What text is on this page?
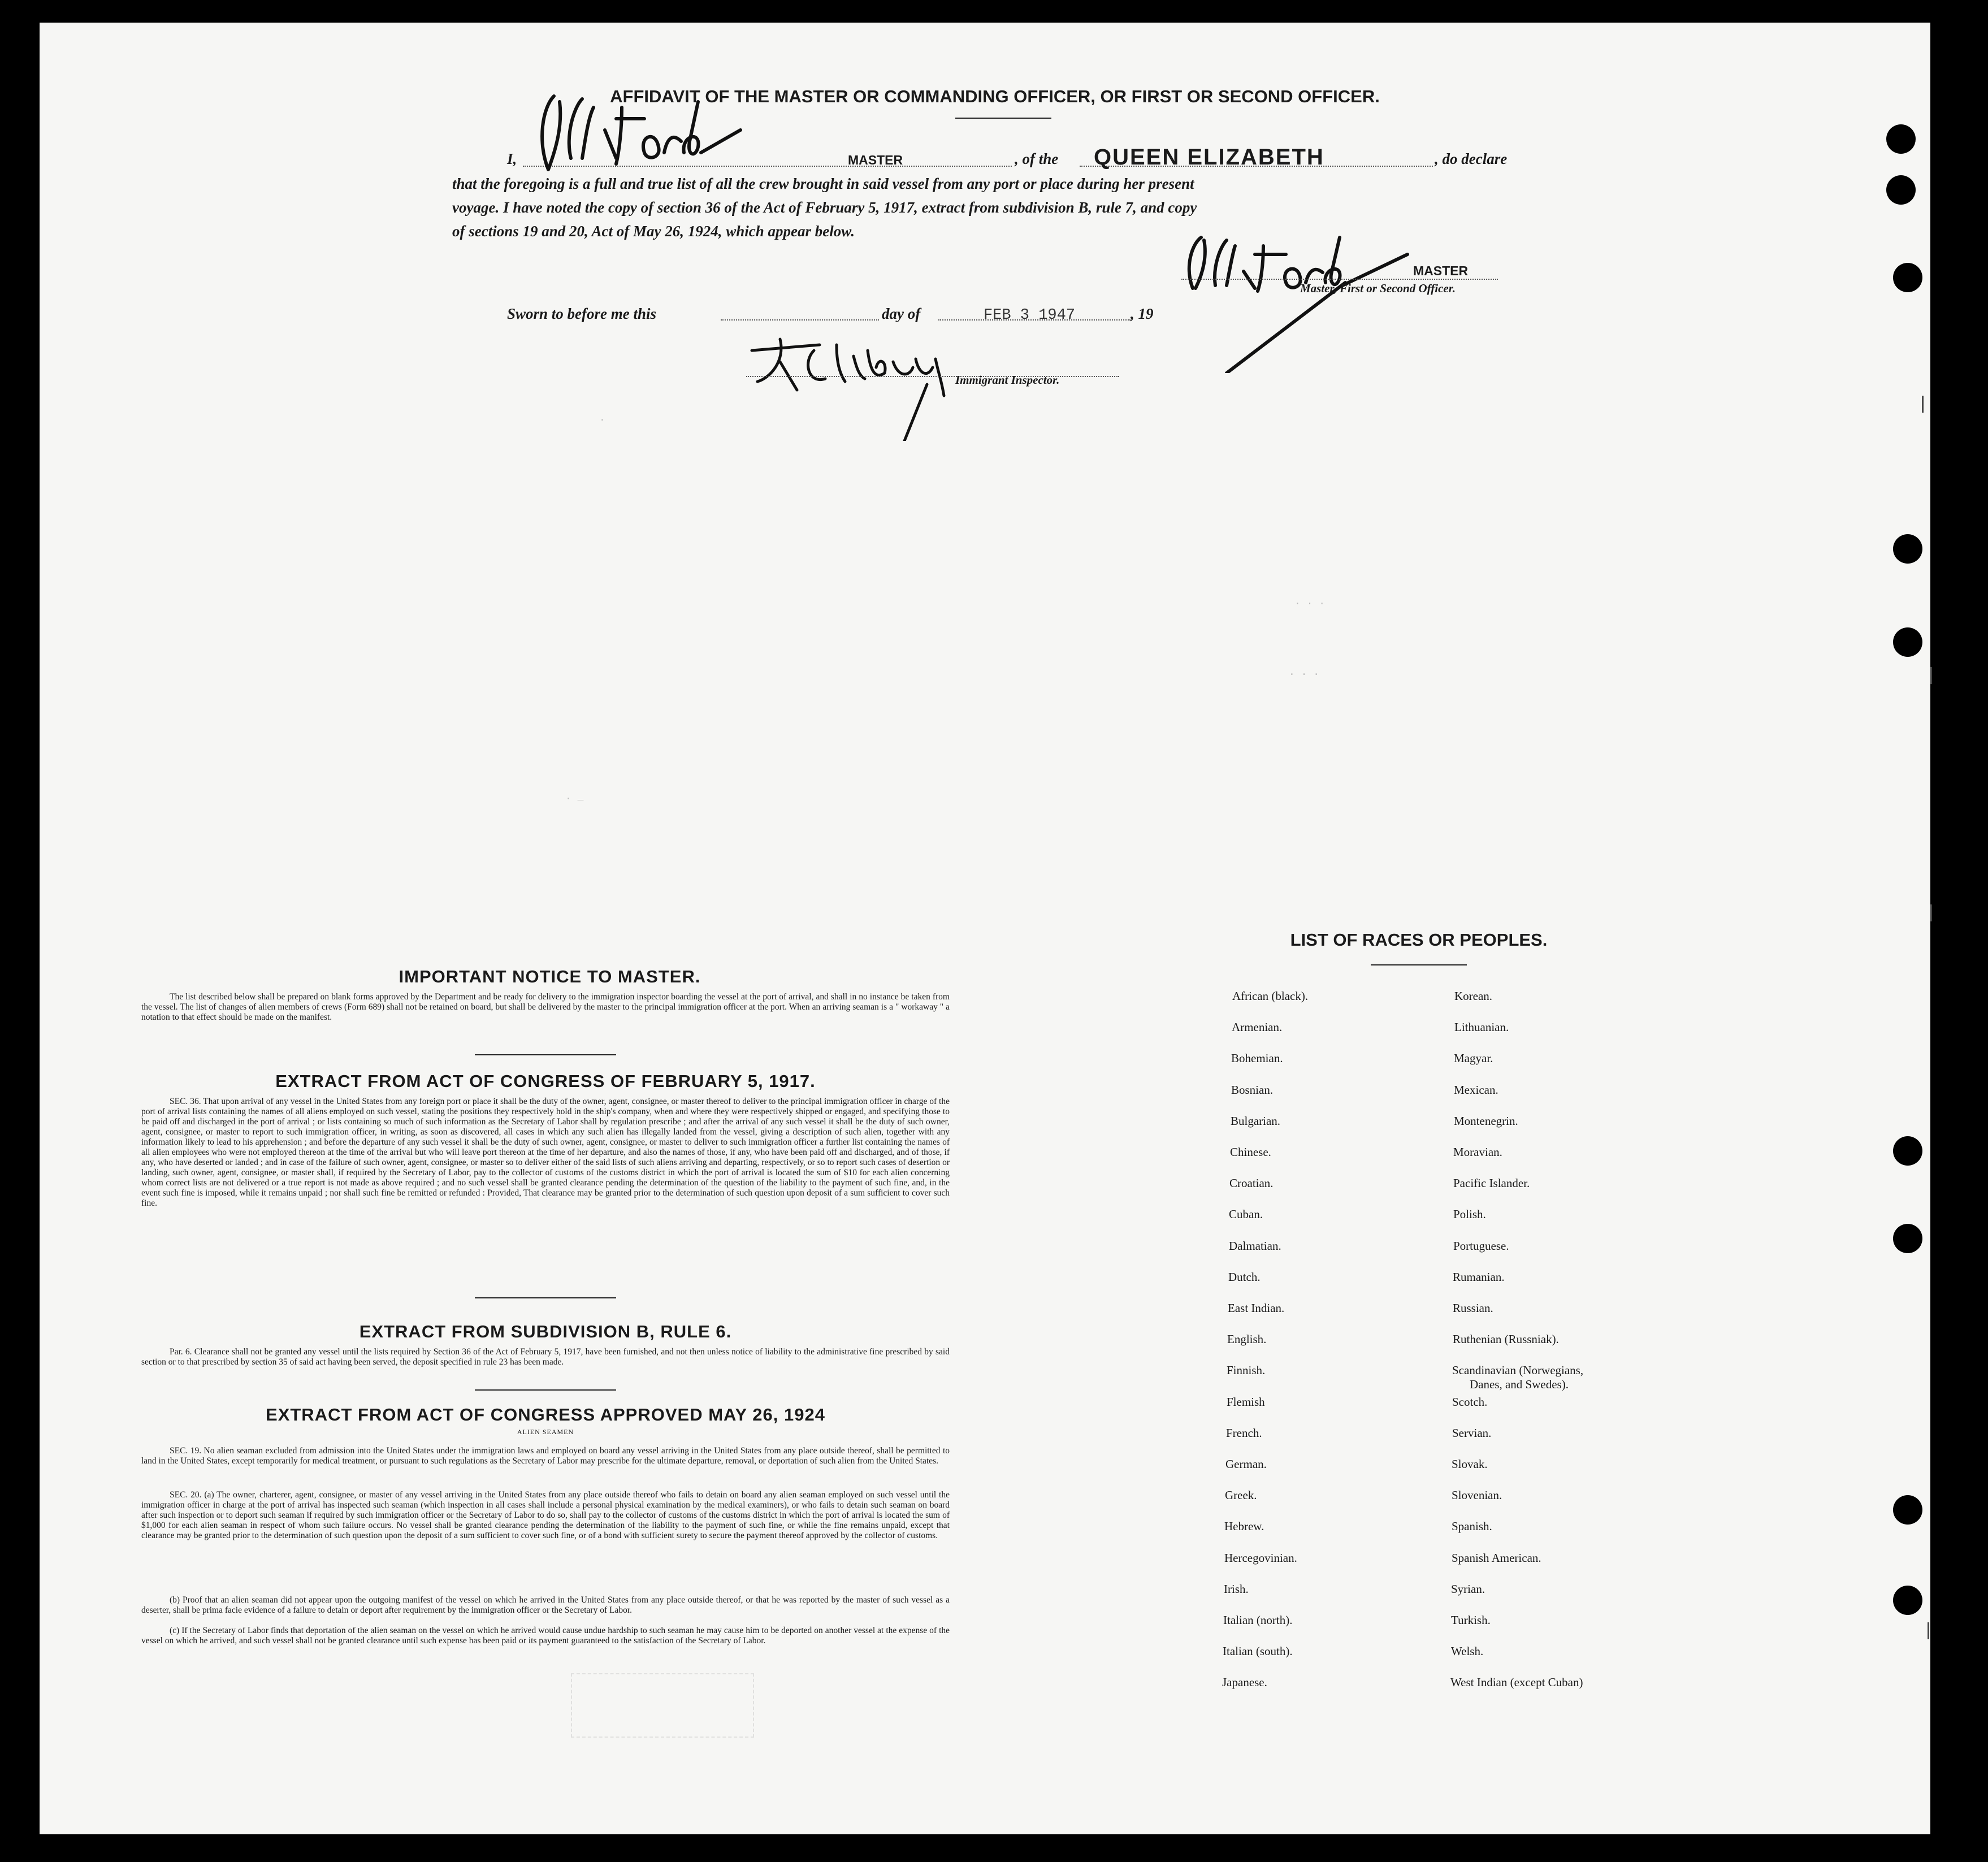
AFFIDAVIT OF THE MASTER OR COMMANDING OFFICER, OR FIRST OR SECOND OFFICER.
I,	MASTER	, of the QUEEN ELIZABETH	, do declare
that the foregoing is a full and true list of all the crew brought in said vessel from any port or place during her present
voyage. I have noted the copy of section 36 of the Act of February 5, 1917, extract from subdivision B, rule 7, and copy
of sections 19 and 20, Act of May 26, 1924, which appear below.
MASTER
Master, First or Second Officer.
Sworn to before me this	day of	FEB 3 1947	, 19
Immigrant Inspector.
.
. . .
. . .
. _
IMPORTANT NOTICE TO MASTER.
The list described below shall be prepared on blank forms approved by the Department and be ready for delivery to the immigration inspector boarding the vessel at the port of arrival, and shall in no instance be taken from the vessel. The list of changes of alien members of crews (Form 689) shall not be retained on board, but shall be delivered by the master to the principal immigration officer at the port. When an arriving seaman is a " workaway " a notation to that effect should be made on the manifest.
EXTRACT FROM ACT OF CONGRESS OF FEBRUARY 5, 1917.
SEC. 36. That upon arrival of any vessel in the United States from any foreign port or place it shall be the duty of the owner, agent, consignee, or master thereof to deliver to the principal immigration officer in charge of the port of arrival lists containing the names of all aliens employed on such vessel, stating the positions they respectively hold in the ship's company, when and where they were respectively shipped or engaged, and specifying those to be paid off and discharged in the port of arrival ; or lists containing so much of such information as the Secretary of Labor shall by regulation prescribe ; and after the arrival of any such vessel it shall be the duty of such owner, agent, consignee, or master to report to such immigration officer, in writing, as soon as discovered, all cases in which any such alien has illegally landed from the vessel, giving a description of such alien, together with any information likely to lead to his apprehension ; and before the departure of any such vessel it shall be the duty of such owner, agent, consignee, or master to deliver to such immigration officer a further list containing the names of all alien employees who were not employed thereon at the time of the arrival but who will leave port thereon at the time of her departure, and also the names of those, if any, who have been paid off and discharged, and of those, if any, who have deserted or landed ; and in case of the failure of such owner, agent, consignee, or master so to deliver either of the said lists of such aliens arriving and departing, respectively, or so to report such cases of desertion or landing, such owner, agent, consignee, or master shall, if required by the Secretary of Labor, pay to the collector of customs of the customs district in which the port of arrival is located the sum of $10 for each alien concerning whom correct lists are not delivered or a true report is not made as above required ; and no such vessel shall be granted clearance pending the determination of the question of the liability to the payment of such fine, and, in the event such fine is imposed, while it remains unpaid ; nor shall such fine be remitted or refunded : Provided, That clearance may be granted prior to the determination of such question upon deposit of a sum sufficient to cover such fine.
EXTRACT FROM SUBDIVISION B, RULE 6.
Par. 6. Clearance shall not be granted any vessel until the lists required by Section 36 of the Act of February 5, 1917, have been furnished, and not then unless notice of liability to the administrative fine prescribed by said section or to that prescribed by section 35 of said act having been served, the deposit specified in rule 23 has been made.
EXTRACT FROM ACT OF CONGRESS APPROVED MAY 26, 1924
ALIEN SEAMEN
SEC. 19. No alien seaman excluded from admission into the United States under the immigration laws and employed on board any vessel arriving in the United States from any place outside thereof, shall be permitted to land in the United States, except temporarily for medical treatment, or pursuant to such regulations as the Secretary of Labor may prescribe for the ultimate departure, removal, or deportation of such alien from the United States.
SEC. 20. (a) The owner, charterer, agent, consignee, or master of any vessel arriving in the United States from any place outside thereof who fails to detain on board any alien seaman employed on such vessel until the immigration officer in charge at the port of arrival has inspected such seaman (which inspection in all cases shall include a personal physical examination by the medical examiners), or who fails to detain such seaman on board after such inspection or to deport such seaman if required by such immigration officer or the Secretary of Labor to do so, shall pay to the collector of customs of the customs district in which the port of arrival is located the sum of $1,000 for each alien seaman in respect of whom such failure occurs. No vessel shall be granted clearance pending the determination of the liability to the payment of such fine, or while the fine remains unpaid, except that clearance may be granted prior to the determination of such question upon the deposit of a sum sufficient to cover such fine, or of a bond with sufficient surety to secure the payment thereof approved by the collector of customs.
(b) Proof that an alien seaman did not appear upon the outgoing manifest of the vessel on which he arrived in the United States from any place outside thereof, or that he was reported by the master of such vessel as a deserter, shall be prima facie evidence of a failure to detain or deport after requirement by the immigration officer or the Secretary of Labor.
(c) If the Secretary of Labor finds that deportation of the alien seaman on the vessel on which he arrived would cause undue hardship to such seaman he may cause him to be deported on another vessel at the expense of the vessel on which he arrived, and such vessel shall not be granted clearance until such expense has been paid or its payment guaranteed to the satisfaction of the Secretary of Labor.
LIST OF RACES OR PEOPLES.
African (black).
Armenian.
Bohemian.
Bosnian.
Bulgarian.
Chinese.
Croatian.
Cuban.
Dalmatian.
Dutch.
East Indian.
English.
Finnish.
Flemish
French.
German.
Greek.
Hebrew.
Hercegovinian.
Irish.
Italian (north).
Italian (south).
Japanese.
Korean.
Lithuanian.
Magyar.
Mexican.
Montenegrin.
Moravian.
Pacific Islander.
Polish.
Portuguese.
Rumanian.
Russian.
Ruthenian (Russniak).
Scandinavian (Norwegians,
Scotch.
Servian.
Slovak.
Slovenian.
Spanish.
Spanish American.
Syrian.
Turkish.
Welsh.
West Indian (except Cuban)
Danes, and Swedes).
